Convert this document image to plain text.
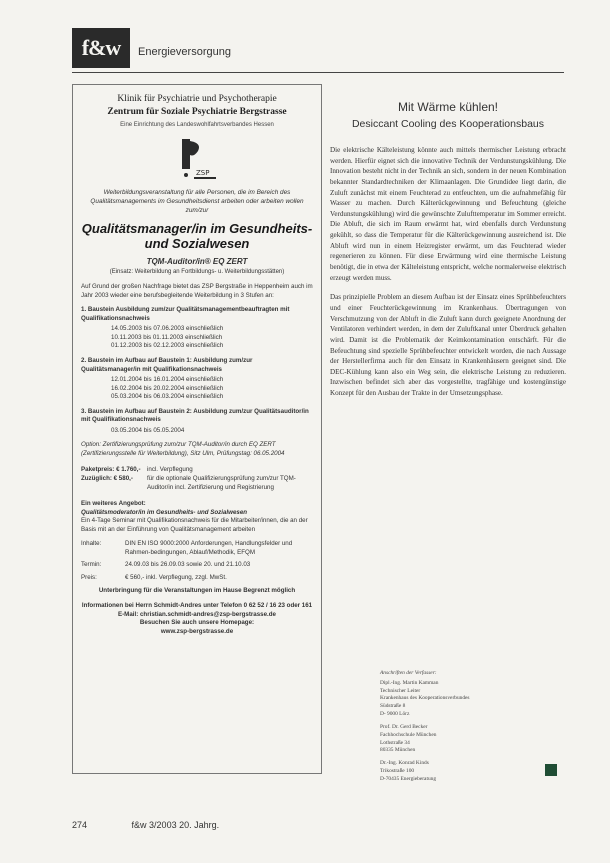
f&w	Energieversorgung
Klinik für Psychiatrie und Psychotherapie
Zentrum für Soziale Psychiatrie Bergstrasse
Eine Einrichtung des Landeswohlfahrtsverbandes Hessen
ZSP
Weiterbildungsveranstaltung für alle Personen, die im Bereich des Qualitätsmanagements im Gesundheitsdienst arbeiten oder arbeiten wollen zum/zur
Qualitätsmanager/in im Gesundheits- und Sozialwesen
TQM-Auditor/in® EQ ZERT
(Einsatz: Weiterbildung an Fortbildungs- u. Weiterbildungsstätten)
Auf Grund der großen Nachfrage bietet das ZSP Bergstraße in Heppenheim auch im Jahr 2003 wieder eine berufsbegleitende Weiterbildung in 3 Stufen an:
1. Baustein Ausbildung zum/zur Qualitätsmanagementbeauftragten mit Qualifikationsnachweis
14.05.2003 bis 07.06.2003 einschließlich
10.11.2003 bis 01.11.2003 einschließlich
01.12.2003 bis 02.12.2003 einschließlich
2. Baustein im Aufbau auf Baustein 1: Ausbildung zum/zur Qualitätsmanager/in mit Qualifikationsnachweis
12.01.2004 bis 16.01.2004 einschließlich
16.02.2004 bis 20.02.2004 einschließlich
05.03.2004 bis 06.03.2004 einschließlich
3. Baustein im Aufbau auf Baustein 2: Ausbildung zum/zur Qualitätsauditor/in mit Qualifikationsnachweis
03.05.2004 bis 05.05.2004
Option: Zertifizierungsprüfung zum/zur TQM-Auditor/in durch EQ ZERT (Zertifizierungsstelle für Weiterbildung), Sitz Ulm, Prüfungstag: 06.05.2004
Paketpreis: € 1.760,- incl. Verpflegung
Zuzüglich: € 580,-	für die optionale Qualifizierungsprüfung zum/zur TQM-Auditor/in incl. Zertifizierung und Registrierung
Ein weiteres Angebot:
Qualitätsmoderator/in im Gesundheits- und Sozialwesen
Ein 4-Tage Seminar mit Qualifikationsnachweis für die Mitarbeiter/innen, die an der Basis mit an der Einführung von Qualitätsmanagement arbeiten
Inhalte:	DIN EN ISO 9000:2000 Anforderungen, Handlungsfelder und Rahmen-bedingungen, Ablauf/Methodik, EFQM
Termin:	24.09.03 bis 26.09.03 sowie 20. und 21.10.03
Preis:	€ 560,- inkl. Verpflegung, zzgl. MwSt.
Unterbringung für die Veranstaltungen im Hause Begrenzt möglich
Informationen bei Herrn Schmidt-Andres unter Telefon 0 62 52 / 16 23 oder 161
E-Mail: christian.schmidt-andres@zsp-bergstrasse.de
Besuchen Sie auch unsere Homepage:
www.zsp-bergstrasse.de
Mit Wärme kühlen!
Desiccant Cooling des Kooperationsbaus

Die elektrische Kälteleistung könnte auch mittels thermischer Leistung erbracht werden. Hierfür eignet sich die innovative Technik der Verdunstungskühlung. Die Innovation besteht nicht in der Technik an sich, sondern in der neuen Kombination bekannter Standardtechniken der Klimaanlagen. Die Grundidee liegt darin, die Zuluft zunächst mit einem Feuchterad zu entfeuchten, um die aufnahmefähig für Wasser zu machen. Durch Kälterückgewinnung und Befeuchtung (gleiche Verdunstungskühlung) wird die gewünschte Zulufttemperatur im Sommer erreicht. Die Abluft, die sich im Raum erwärmt hat, wird ebenfalls durch Verdunstung gekühlt, so dass die Temperatur für die Kälterückgewinnung ausreichend ist. Die Abluft wird nun in einem Heizregister erwärmt, um das Feuchterad wieder regenerieren zu können. Für diese Erwärmung wird eine thermische Leistung benötigt, die in etwa der Kälteleistung entspricht, welche normalerweise elektrisch erzeugt werden muss.

Das prinzipielle Problem an diesem Aufbau ist der Einsatz eines Sprühbefeuchters und einer Feuchterückgewinnung im Krankenhaus. Übertragungen von Verschmutzung von der Abluft in die Zuluft kann durch geeignete Anordnung der Ventilatoren verhindert werden, in dem der Zuluftkanal unter Überdruck gehalten wird. Damit ist die Problematik der Keimkontamination entschärft. Für die Befeuchtung sind spezielle Sprühbefeuchter entwickelt worden, die nach Aussage der Herstellerfirma auch für den Einsatz in Krankenhäusern geeignet sind. Die DEC-Kühlung kann also ein Weg sein, die elektrische Leistung zu reduzieren. Inzwischen befindet sich aber das vorgestellte, tragfähige und kostengünstige Konzept für den Ausbau der Trakte in der Umsetzungsphase.

Anschriften der Verfasser:
Dipl.-Ing. Martin Kamman
Technischer Leiter
Krankenhaus des Kooperationsverbundes
Südstraße 8
D- 9000 Lörz
Prof. Dr. Gerd Becker
Fachhochschule München
Lothstraße 34
80335 München
Dr.-Ing. Konrad Kinds
Trikostraße 100
D-70435 Energieberatung
274	f&w 3/2003 20. Jahrg.
